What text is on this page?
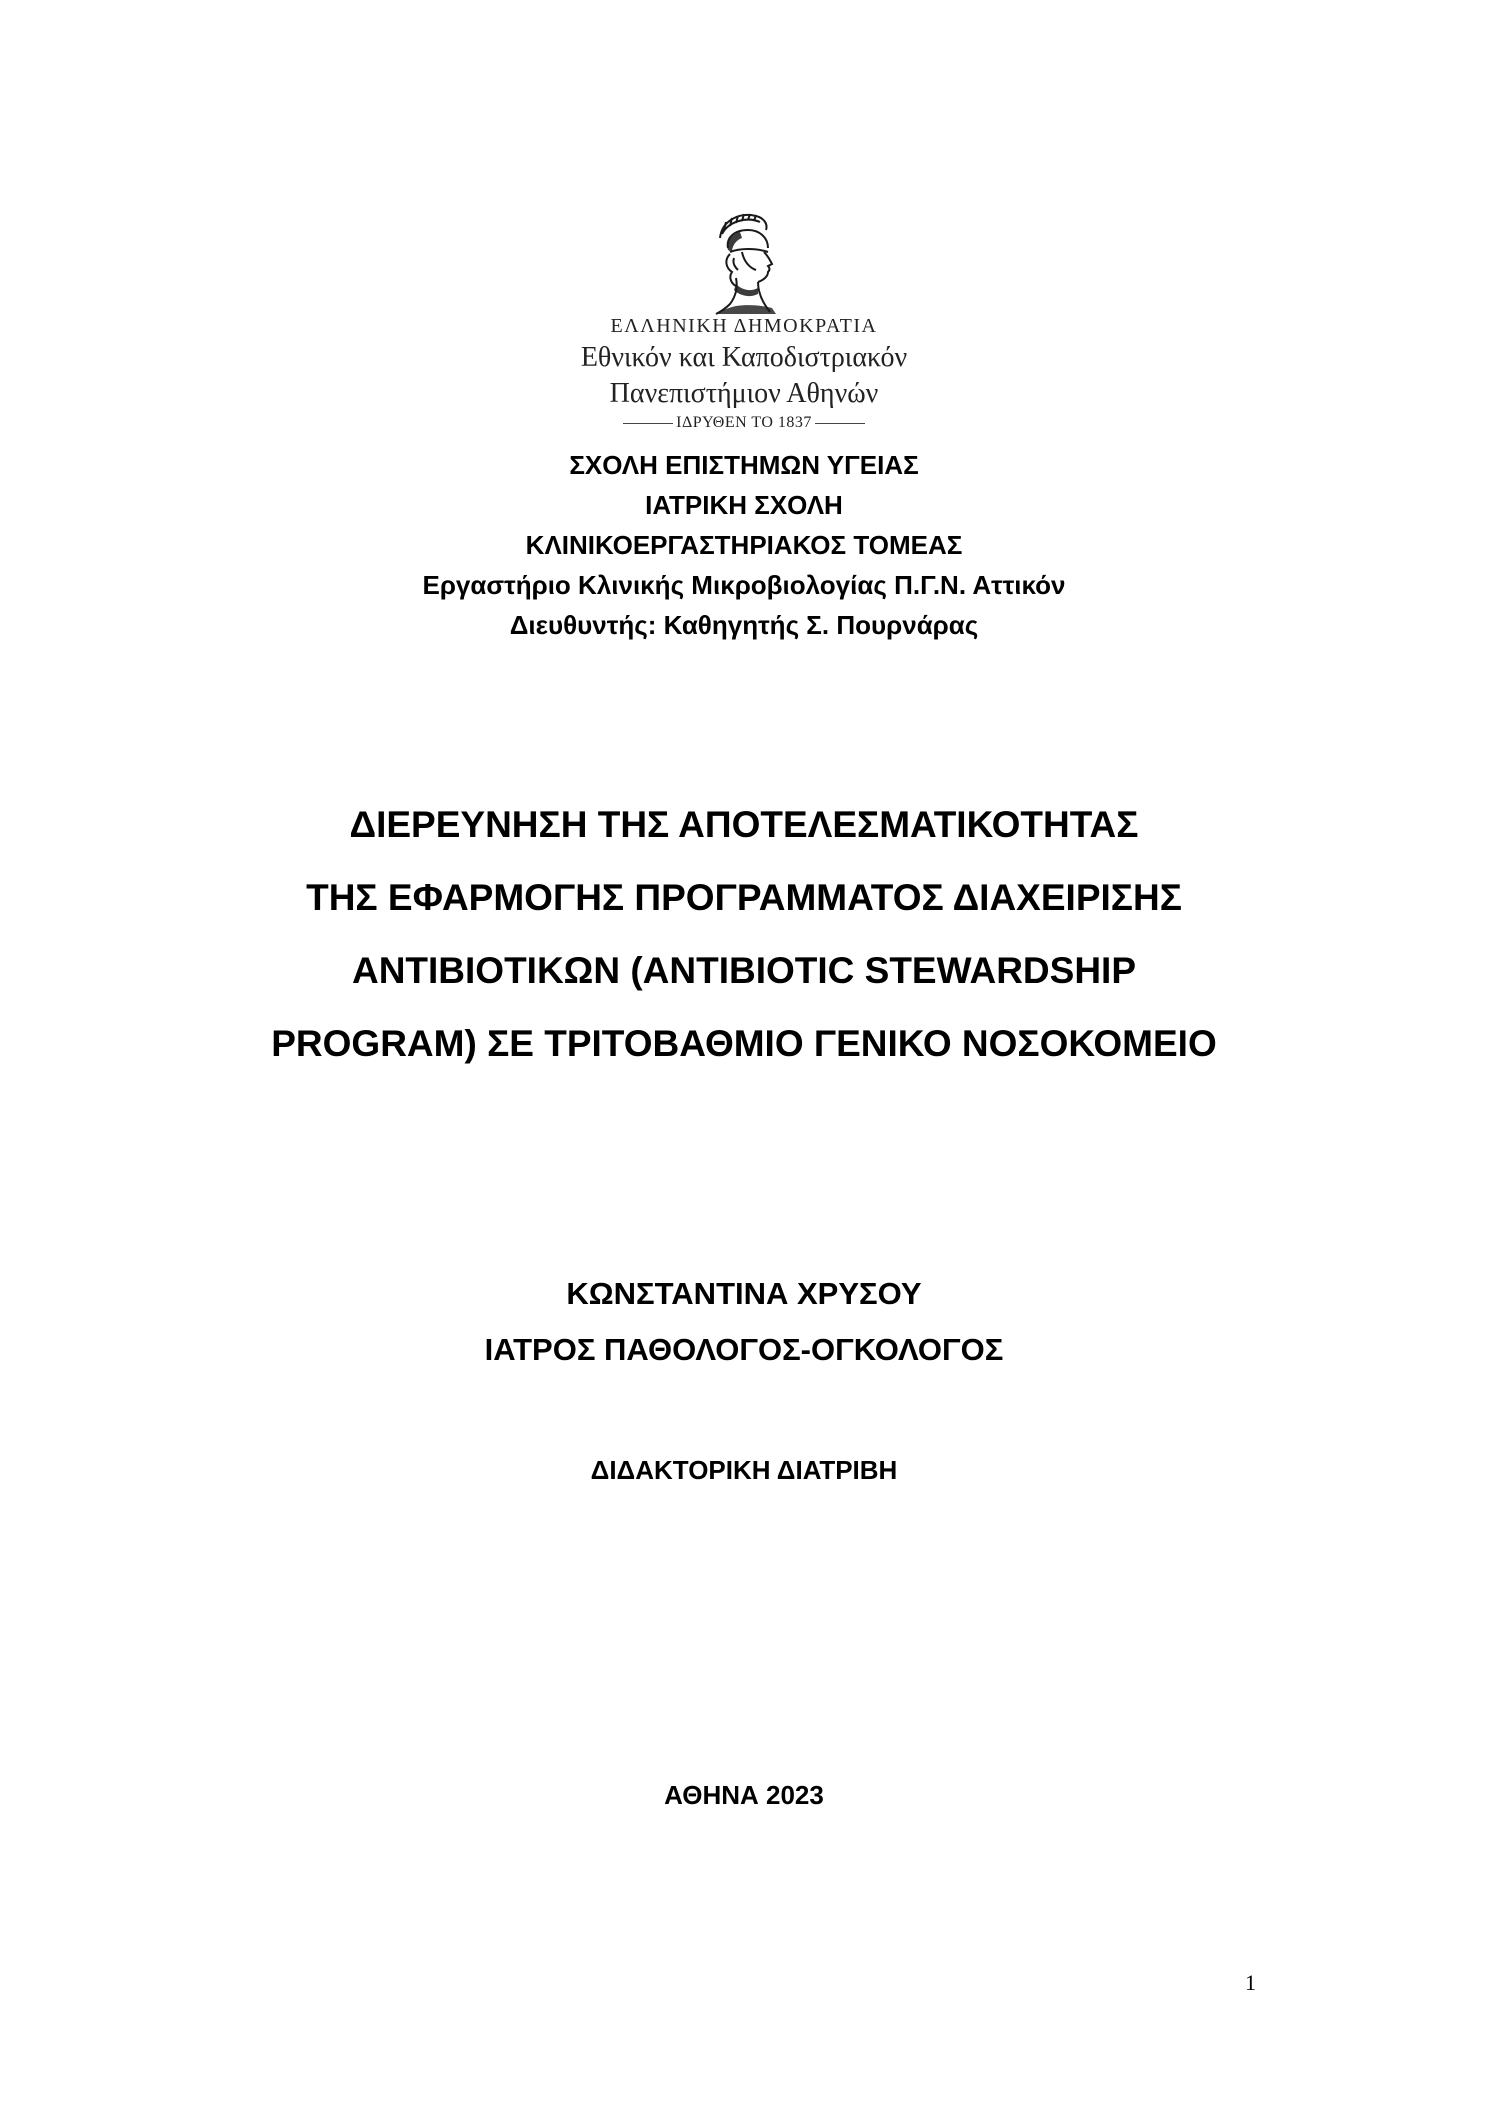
ΕΛΛΗΝΙΚΗ ΔΗΜΟΚΡΑΤΙΑ
Εθνικόν και Καποδιστριακόν
Πανεπιστήμιον Αθηνών
ΙΔΡΥΘΕΝ ΤΟ 1837
ΣΧΟΛΗ ΕΠΙΣΤΗΜΩΝ ΥΓΕΙΑΣ
ΙΑΤΡΙΚΗ ΣΧΟΛΗ
ΚΛΙΝΙΚΟΕΡΓΑΣΤΗΡΙΑΚΟΣ ΤΟΜΕΑΣ
Εργαστήριο Κλινικής Μικροβιολογίας Π.Γ.Ν. Αττικόν
Διευθυντής: Καθηγητής Σ. Πουρνάρας
ΔΙΕΡΕΥΝΗΣΗ ΤΗΣ ΑΠΟΤΕΛΕΣΜΑΤΙΚΟΤΗΤΑΣ
ΤΗΣ ΕΦΑΡΜΟΓΗΣ ΠΡΟΓΡΑΜΜΑΤΟΣ ΔΙΑΧΕΙΡΙΣΗΣ
ΑΝΤΙΒΙΟΤΙΚΩΝ (ANTIBIOTIC STEWARDSHIP
PROGRAM) ΣΕ ΤΡΙΤΟΒΑΘΜΙΟ ΓΕΝΙΚΟ ΝΟΣΟΚΟΜΕΙΟ
ΚΩΝΣΤΑΝΤΙΝΑ ΧΡΥΣΟΥ
ΙΑΤΡΟΣ ΠΑΘΟΛΟΓΟΣ-ΟΓΚΟΛΟΓΟΣ
ΔΙΔΑΚΤΟΡΙΚΗ ΔΙΑΤΡΙΒΗ
ΑΘΗΝΑ 2023
1
